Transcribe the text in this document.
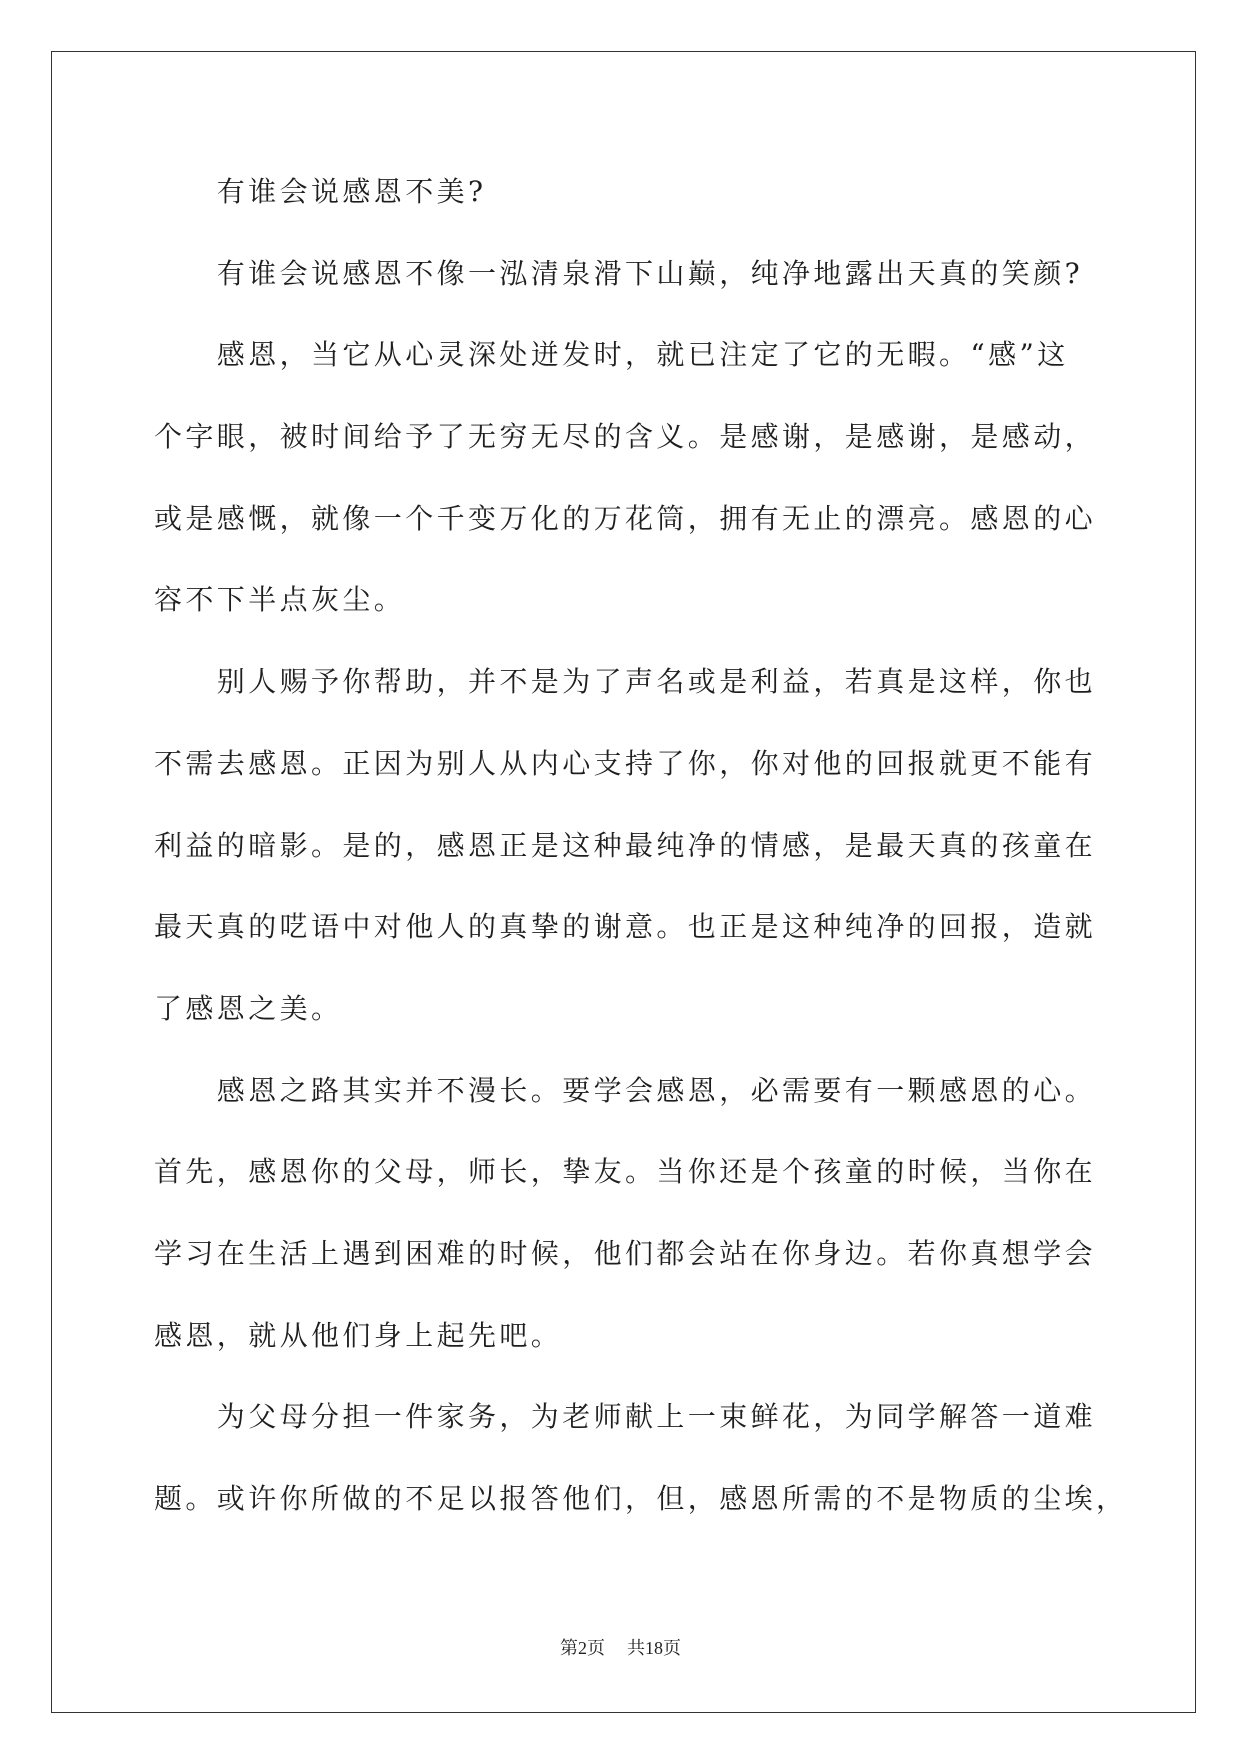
有谁会说感恩不美?
有谁会说感恩不像一泓清泉滑下山巅，纯净地露出天真的笑颜?
感恩，当它从心灵深处迸发时，就已注定了它的无暇。“感”这
个字眼，被时间给予了无穷无尽的含义。是感谢，是感谢，是感动，
或是感慨，就像一个千变万化的万花筒，拥有无止的漂亮。感恩的心
容不下半点灰尘。
别人赐予你帮助，并不是为了声名或是利益，若真是这样，你也
不需去感恩。正因为别人从内心支持了你，你对他的回报就更不能有
利益的暗影。是的，感恩正是这种最纯净的情感，是最天真的孩童在
最天真的呓语中对他人的真挚的谢意。也正是这种纯净的回报，造就
了感恩之美。
感恩之路其实并不漫长。要学会感恩，必需要有一颗感恩的心。
首先，感恩你的父母，师长，挚友。当你还是个孩童的时候，当你在
学习在生活上遇到困难的时候，他们都会站在你身边。若你真想学会
感恩，就从他们身上起先吧。
为父母分担一件家务，为老师献上一束鲜花，为同学解答一道难
题。或许你所做的不足以报答他们，但，感恩所需的不是物质的尘埃，
第2页 共18页
